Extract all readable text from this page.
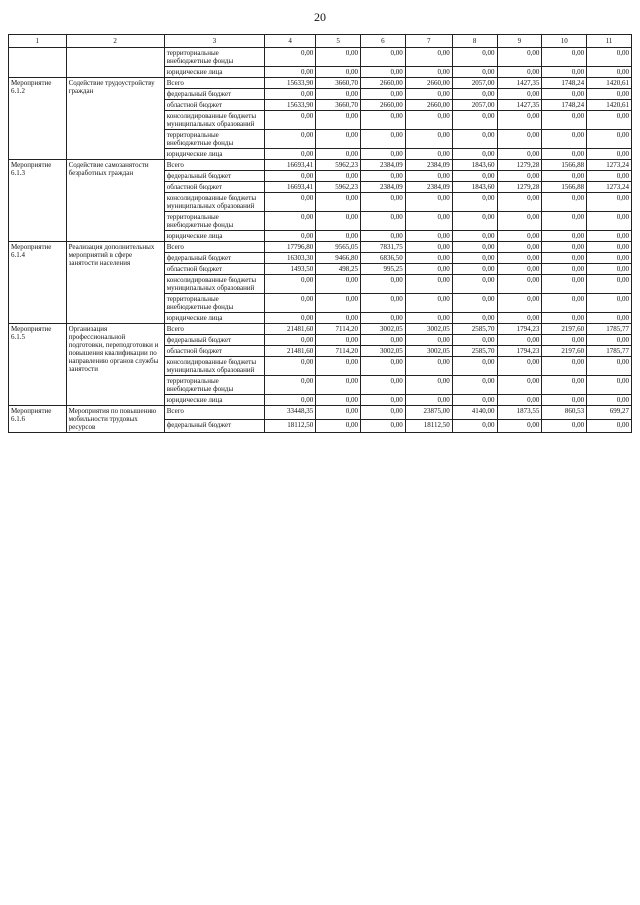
20
1	2	3	4	5	6	7	8	9	10	11
		территориальные внебюджетные фонды	0,00	0,00	0,00	0,00	0,00	0,00	0,00	0,00
		юридические лица	0,00	0,00	0,00	0,00	0,00	0,00	0,00	0,00
Мероприятие 6.1.2	Содействие трудоустройству граждан	Всего	15633,90	3660,70	2660,00	2660,00	2057,00	1427,35	1748,24	1420,61
		федеральный бюджет	0,00	0,00	0,00	0,00	0,00	0,00	0,00	0,00
		областной бюджет	15633,90	3660,70	2660,00	2660,00	2057,00	1427,35	1748,24	1420,61
		консолидированные бюджеты муниципальных образований	0,00	0,00	0,00	0,00	0,00	0,00	0,00	0,00
		территориальные внебюджетные фонды	0,00	0,00	0,00	0,00	0,00	0,00	0,00	0,00
		юридические лица	0,00	0,00	0,00	0,00	0,00	0,00	0,00	0,00
Мероприятие 6.1.3	Содействие самозанятости безработных граждан	Всего	16693,41	5962,23	2384,09	2384,09	1843,60	1279,28	1566,88	1273,24
		федеральный бюджет	0,00	0,00	0,00	0,00	0,00	0,00	0,00	0,00
		областной бюджет	16693,41	5962,23	2384,09	2384,09	1843,60	1279,28	1566,88	1273,24
		консолидированные бюджеты муниципальных образований	0,00	0,00	0,00	0,00	0,00	0,00	0,00	0,00
		территориальные внебюджетные фонды	0,00	0,00	0,00	0,00	0,00	0,00	0,00	0,00
		юридические лица	0,00	0,00	0,00	0,00	0,00	0,00	0,00	0,00
Мероприятие 6.1.4	Реализация дополнительных мероприятий в сфере занятости населения	Всего	17796,80	9565,05	7831,75	0,00	0,00	0,00	0,00	0,00
		федеральный бюджет	16303,30	9466,80	6836,50	0,00	0,00	0,00	0,00	0,00
		областной бюджет	1493,50	498,25	995,25	0,00	0,00	0,00	0,00	0,00
		консолидированные бюджеты муниципальных образований	0,00	0,00	0,00	0,00	0,00	0,00	0,00	0,00
		территориальные внебюджетные фонды	0,00	0,00	0,00	0,00	0,00	0,00	0,00	0,00
		юридические лица	0,00	0,00	0,00	0,00	0,00	0,00	0,00	0,00
Мероприятие 6.1.5	Организация профессиональной подготовки, переподготовки и повышения квалификации по направлению органов службы занятости	Всего	21481,60	7114,20	3002,05	3002,05	2585,70	1794,23	2197,60	1785,77
		федеральный бюджет	0,00	0,00	0,00	0,00	0,00	0,00	0,00	0,00
		областной бюджет	21481,60	7114,20	3002,05	3002,05	2585,70	1794,23	2197,60	1785,77
		консолидированные бюджеты муниципальных образований	0,00	0,00	0,00	0,00	0,00	0,00	0,00	0,00
		территориальные внебюджетные фонды	0,00	0,00	0,00	0,00	0,00	0,00	0,00	0,00
		юридические лица	0,00	0,00	0,00	0,00	0,00	0,00	0,00	0,00
Мероприятие 6.1.6	Мероприятия по повышению мобильности трудовых ресурсов	Всего	33448,35	0,00	0,00	23875,00	4140,00	1873,55	860,53	699,27
		федеральный бюджет	18112,50	0,00	0,00	18112,50	0,00	0,00	0,00	0,00
